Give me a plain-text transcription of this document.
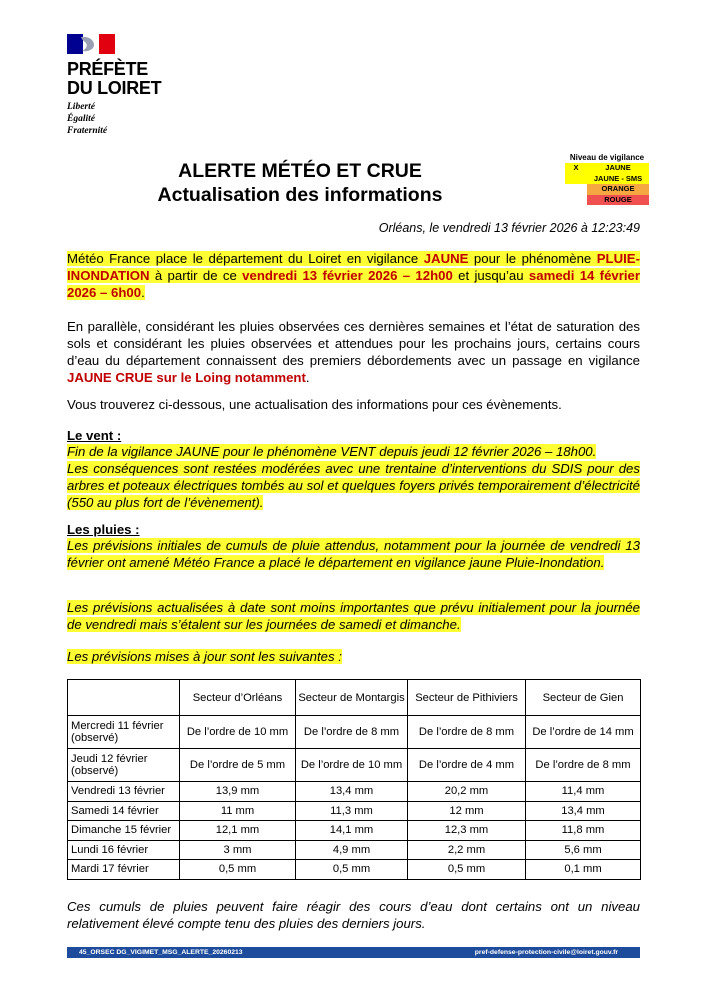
PRÉFÈTE
DU LOIRET
Liberté
Égalité
Fraternité
ALERTE MÉTÉO ET CRUE
Actualisation des informations
Niveau de vigilance
X	JAUNE
JAUNE - SMS
ORANGE
ROUGE
Orléans, le vendredi 13 février 2026 à 12:23:49
Météo France place le département du Loiret en vigilance JAUNE pour le phénomène PLUIE-INONDATION à partir de ce vendredi 13 février 2026 – 12h00 et jusqu’au samedi 14 février 2026 – 6h00.
En parallèle, considérant les pluies observées ces dernières semaines et l’état de saturation des sols et considérant les pluies observées et attendues pour les prochains jours, certains cours d’eau du département connaissent des premiers débordements avec un passage en vigilance JAUNE CRUE sur le Loing notamment.
Vous trouverez ci-dessous, une actualisation des informations pour ces évènements.
Le vent :
Fin de la vigilance JAUNE pour le phénomène VENT depuis jeudi 12 février 2026 – 18h00.
Les conséquences sont restées modérées avec une trentaine d’interventions du SDIS pour des arbres et poteaux électriques tombés au sol et quelques foyers privés temporairement d’électricité (550 au plus fort de l’évènement).
Les pluies :
Les prévisions initiales de cumuls de pluie attendus, notamment pour la journée de vendredi 13 février ont amené Météo France a placé le département en vigilance jaune Pluie-Inondation.
Les prévisions actualisées à date sont moins importantes que prévu initialement pour la journée de vendredi mais s’étalent sur les journées de samedi et dimanche.
Les prévisions mises à jour sont les suivantes :
	Secteur d’Orléans	Secteur de Montargis	Secteur de Pithiviers	Secteur de Gien
Mercredi 11 février (observé)	De l’ordre de 10 mm	De l’ordre de 8 mm	De l’ordre de 8 mm	De l’ordre de 14 mm
Jeudi 12 février (observé)	De l’ordre de 5 mm	De l’ordre de 10 mm	De l’ordre de 4 mm	De l’ordre de 8 mm
Vendredi 13 février	13,9 mm	13,4 mm	20,2 mm	11,4 mm
Samedi 14 février	11 mm	11,3 mm	12 mm	13,4 mm
Dimanche 15 février	12,1 mm	14,1 mm	12,3 mm	11,8 mm
Lundi 16 février	3 mm	4,9 mm	2,2 mm	5,6 mm
Mardi 17 février	0,5 mm	0,5 mm	0,5 mm	0,1 mm
Ces cumuls de pluies peuvent faire réagir des cours d’eau dont certains ont un niveau relativement élevé compte tenu des pluies des derniers jours.
45_ORSEC DG_VIGIMET_MSG_ALERTE_20260213	pref-defense-protection-civile@loiret.gouv.fr
